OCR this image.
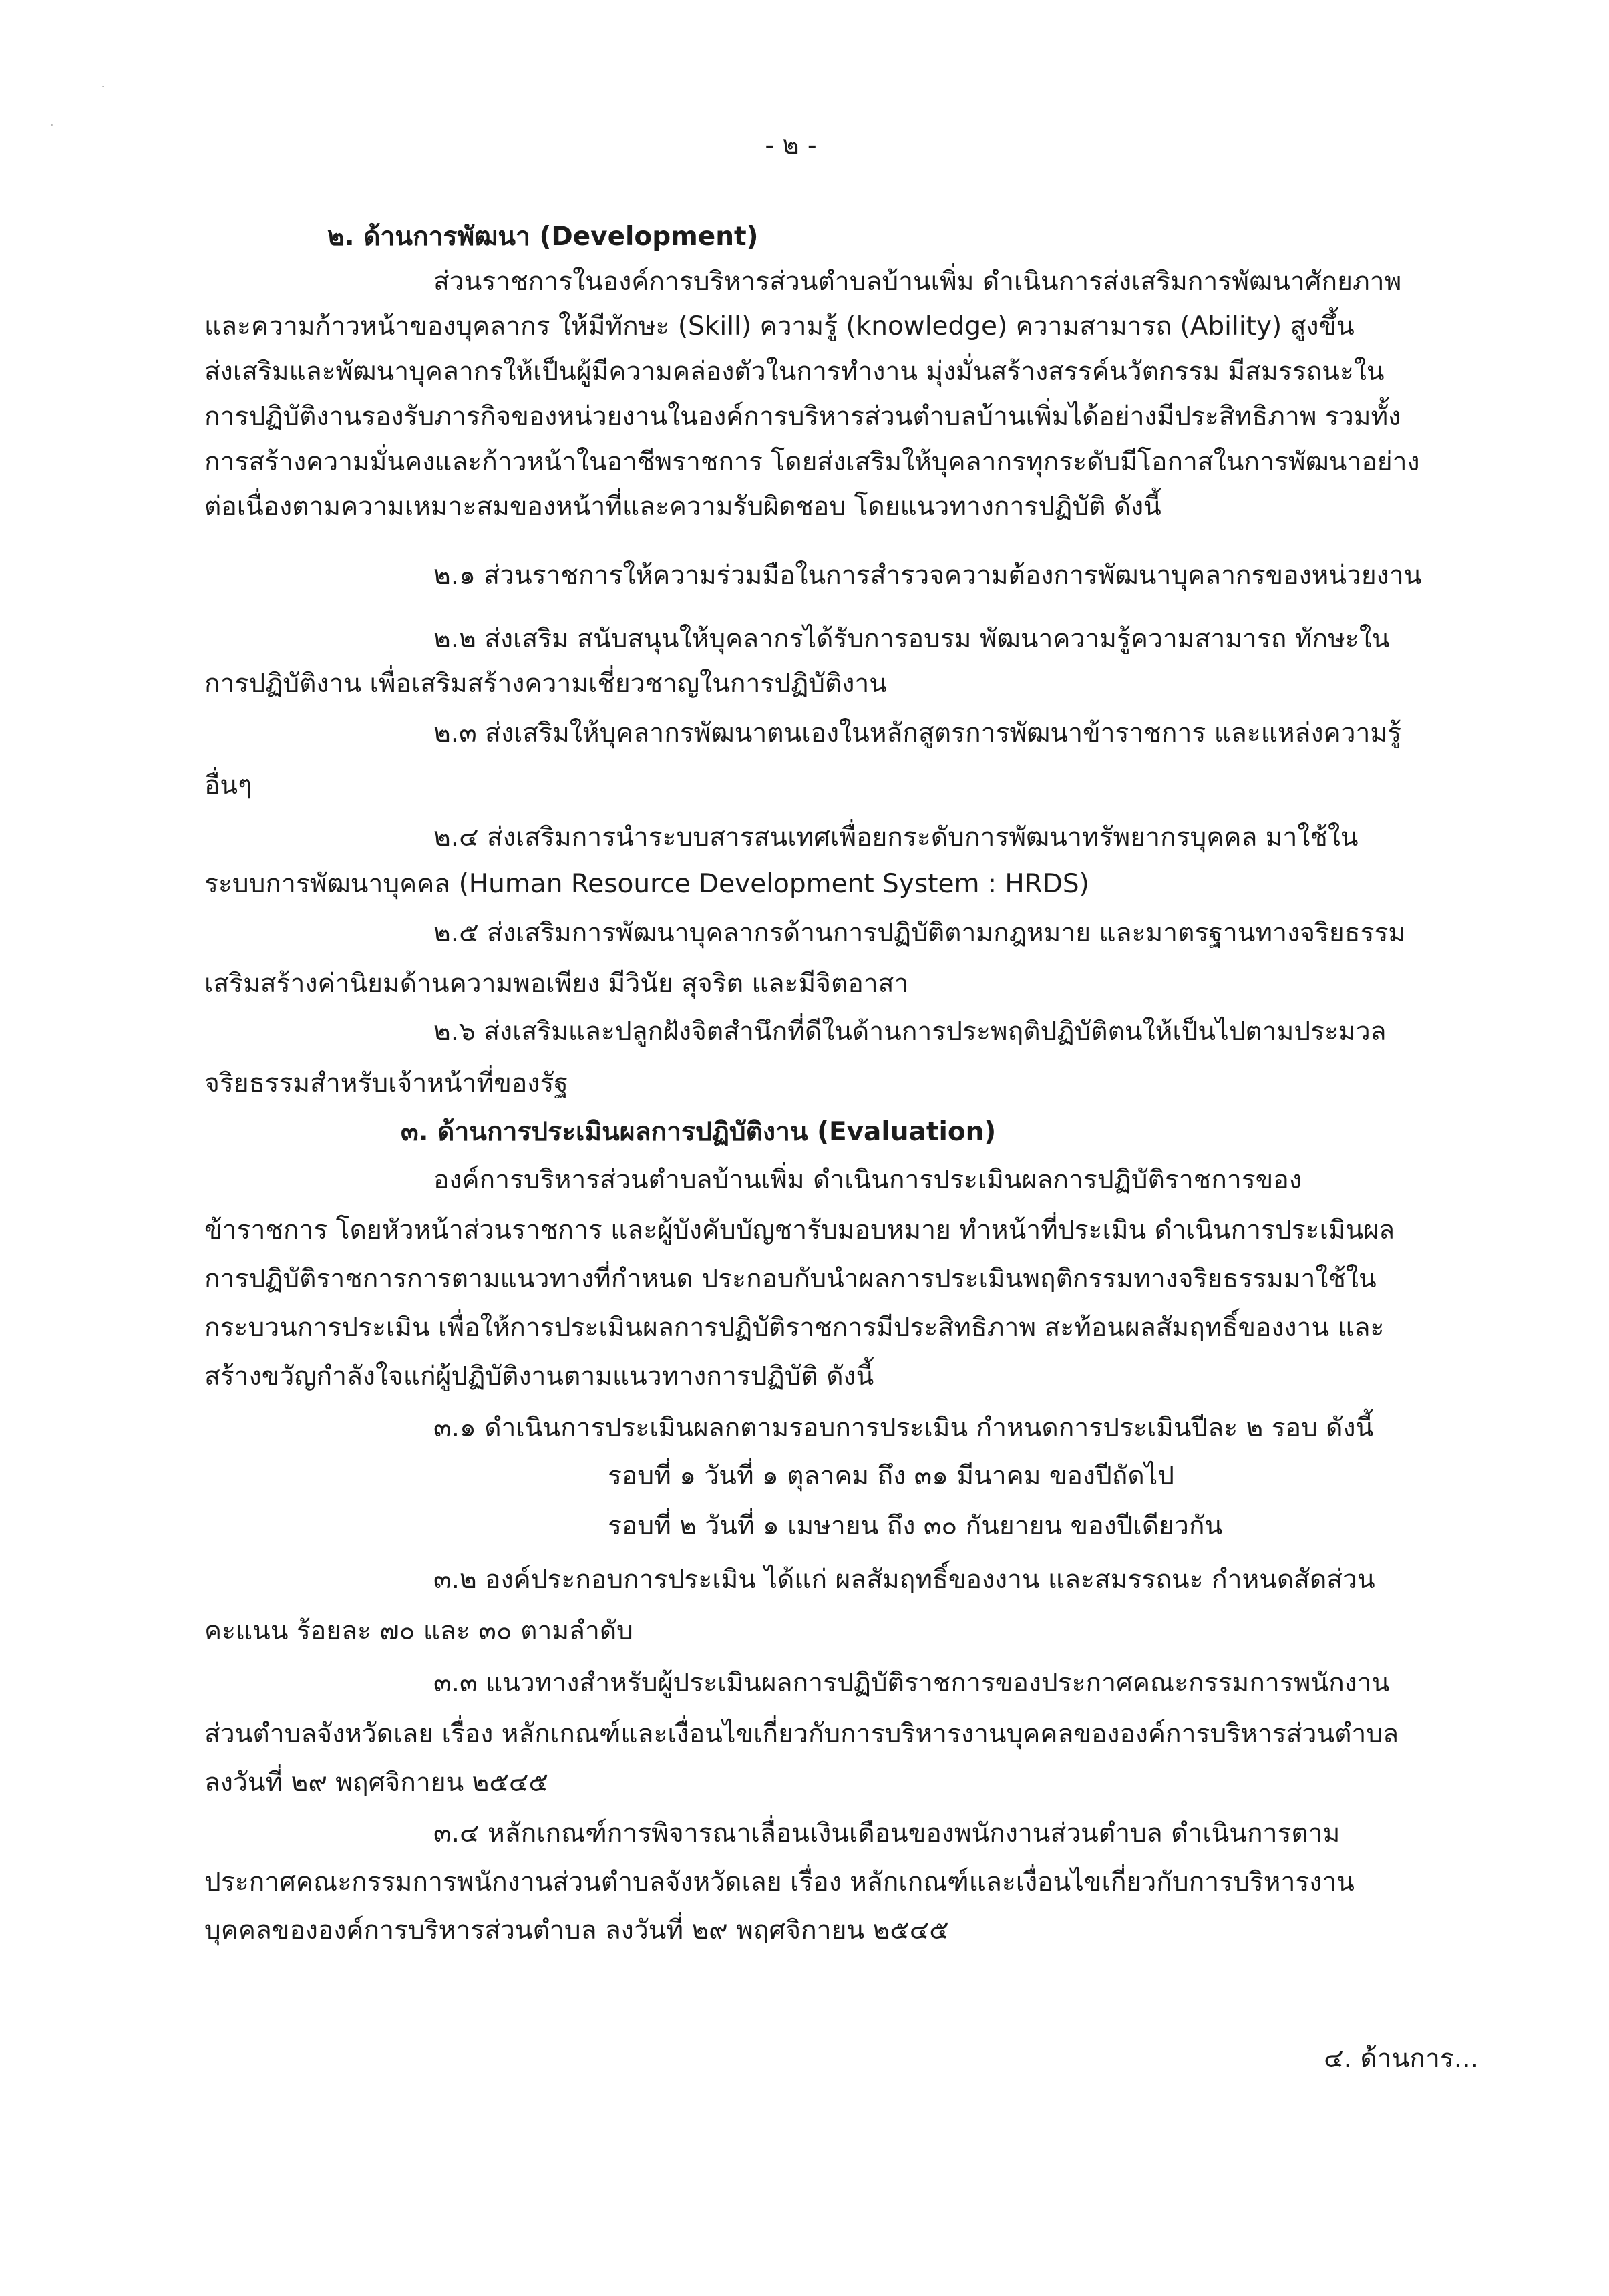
- ๒ -

๒. ด้านการพัฒนา (Development)

ส่วนราชการในองค์การบริหารส่วนตำบลบ้านเพิ่ม ดำเนินการส่งเสริมการพัฒนาศักยภาพ

และความก้าวหน้าของบุคลากร ให้มีทักษะ (Skill) ความรู้ (knowledge) ความสามารถ (Ability) สูงขึ้น

ส่งเสริมและพัฒนาบุคลากรให้เป็นผู้มีความคล่องตัวในการทำงาน มุ่งมั่นสร้างสรรค์นวัตกรรม มีสมรรถนะใน

การปฏิบัติงานรองรับภารกิจของหน่วยงานในองค์การบริหารส่วนตำบลบ้านเพิ่มได้อย่างมีประสิทธิภาพ รวมทั้ง

การสร้างความมั่นคงและก้าวหน้าในอาชีพราชการ โดยส่งเสริมให้บุคลากรทุกระดับมีโอกาสในการพัฒนาอย่าง

ต่อเนื่องตามความเหมาะสมของหน้าที่และความรับผิดชอบ โดยแนวทางการปฏิบัติ ดังนี้

๒.๑ ส่วนราชการให้ความร่วมมือในการสำรวจความต้องการพัฒนาบุคลากรของหน่วยงาน

๒.๒ ส่งเสริม สนับสนุนให้บุคลากรได้รับการอบรม พัฒนาความรู้ความสามารถ ทักษะใน

การปฏิบัติงาน เพื่อเสริมสร้างความเชี่ยวชาญในการปฏิบัติงาน

๒.๓ ส่งเสริมให้บุคลากรพัฒนาตนเองในหลักสูตรการพัฒนาข้าราชการ และแหล่งความรู้

อื่นๆ

๒.๔ ส่งเสริมการนำระบบสารสนเทศเพื่อยกระดับการพัฒนาทรัพยากรบุคคล มาใช้ใน

ระบบการพัฒนาบุคคล (Human Resource Development System : HRDS)

๒.๕ ส่งเสริมการพัฒนาบุคลากรด้านการปฏิบัติตามกฎหมาย และมาตรฐานทางจริยธรรม

เสริมสร้างค่านิยมด้านความพอเพียง มีวินัย สุจริต และมีจิตอาสา

๒.๖ ส่งเสริมและปลูกฝังจิตสำนึกที่ดีในด้านการประพฤติปฏิบัติตนให้เป็นไปตามประมวล

จริยธรรมสำหรับเจ้าหน้าที่ของรัฐ

๓. ด้านการประเมินผลการปฏิบัติงาน (Evaluation)

องค์การบริหารส่วนตำบลบ้านเพิ่ม ดำเนินการประเมินผลการปฏิบัติราชการของ

ข้าราชการ โดยหัวหน้าส่วนราชการ และผู้บังคับบัญชารับมอบหมาย ทำหน้าที่ประเมิน ดำเนินการประเมินผล

การปฏิบัติราชการการตามแนวทางที่กำหนด ประกอบกับนำผลการประเมินพฤติกรรมทางจริยธรรมมาใช้ใน

กระบวนการประเมิน เพื่อให้การประเมินผลการปฏิบัติราชการมีประสิทธิภาพ สะท้อนผลสัมฤทธิ์ของงาน และ

สร้างขวัญกำลังใจแก่ผู้ปฏิบัติงานตามแนวทางการปฏิบัติ ดังนี้

๓.๑ ดำเนินการประเมินผลกตามรอบการประเมิน กำหนดการประเมินปีละ ๒ รอบ ดังนี้

รอบที่ ๑ วันที่ ๑ ตุลาคม ถึง ๓๑ มีนาคม ของปีถัดไป

รอบที่ ๒ วันที่ ๑ เมษายน ถึง ๓๐ กันยายน ของปีเดียวกัน

๓.๒ องค์ประกอบการประเมิน ได้แก่ ผลสัมฤทธิ์ของงาน และสมรรถนะ กำหนดสัดส่วน

คะแนน ร้อยละ ๗๐ และ ๓๐ ตามลำดับ

๓.๓ แนวทางสำหรับผู้ประเมินผลการปฏิบัติราชการของประกาศคณะกรรมการพนักงาน

ส่วนตำบลจังหวัดเลย เรื่อง หลักเกณฑ์และเงื่อนไขเกี่ยวกับการบริหารงานบุคคลขององค์การบริหารส่วนตำบล

ลงวันที่ ๒๙ พฤศจิกายน ๒๕๔๕

๓.๔ หลักเกณฑ์การพิจารณาเลื่อนเงินเดือนของพนักงานส่วนตำบล ดำเนินการตาม

ประกาศคณะกรรมการพนักงานส่วนตำบลจังหวัดเลย เรื่อง หลักเกณฑ์และเงื่อนไขเกี่ยวกับการบริหารงาน

บุคคลขององค์การบริหารส่วนตำบล ลงวันที่ ๒๙ พฤศจิกายน ๒๕๔๕

๔. ด้านการ...
